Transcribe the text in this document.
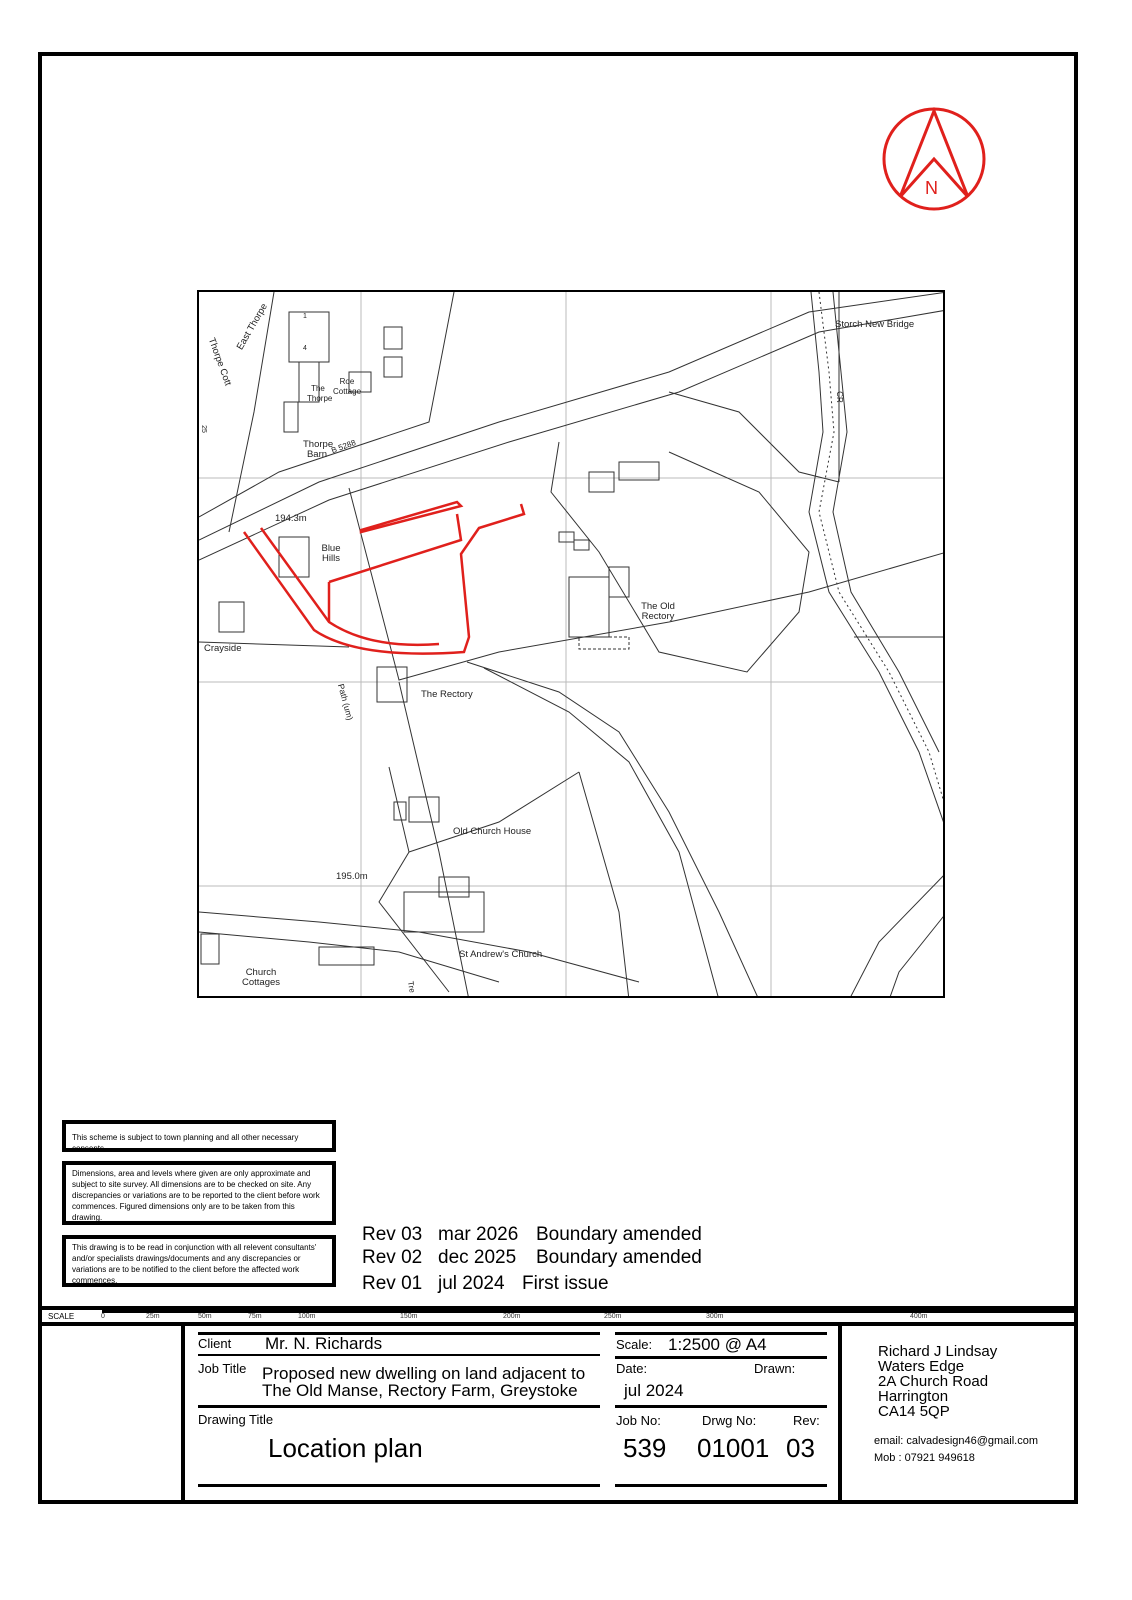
N
Storch New Bridge
East Thorpe
Thorpe Cott
The Thorpe
Roe Cottage
Thorpe Barn B 5288
194.3m
Blue Hills
Crayside
The Old Rectory
The Rectory
Path (um)
Old Church House
195.0m
St Andrew's Church
Church Cottages
CR
1
4
25
Tre
This scheme is subject to town planning and all other necessary consents.
Dimensions, area and levels where given are only approximate and subject to site survey. All dimensions are to be checked on site. Any discrepancies or variations are to be reported to the client before work commences. Figured dimensions only are to be taken from this drawing.
This drawing is to be read in conjunction with all relevent consultants' and/or specialists drawings/documents and any discrepancies or variations are to be notified to the client before the affected work commences.
Rev 03 mar 2026 Boundary amended
Rev 02 dec 2025 Boundary amended
Rev 01 jul 2024 First issue
SCALE	0	25m	50m	75m	100m	150m	200m	250m	300m	400m
Client Mr. N. Richards
Job Title Proposed new dwelling on land adjacent to
The Old Manse, Rectory Farm, Greystoke
Drawing Title
Location plan
Scale: 1:2500 @ A4
Date:	Drawn:
jul 2024
Job No:	Drwg No:	Rev:
539 01001 03
Richard J Lindsay
Waters Edge
2A Church Road
Harrington
CA14 5QP
email: calvadesign46@gmail.com
Mob : 07921 949618
